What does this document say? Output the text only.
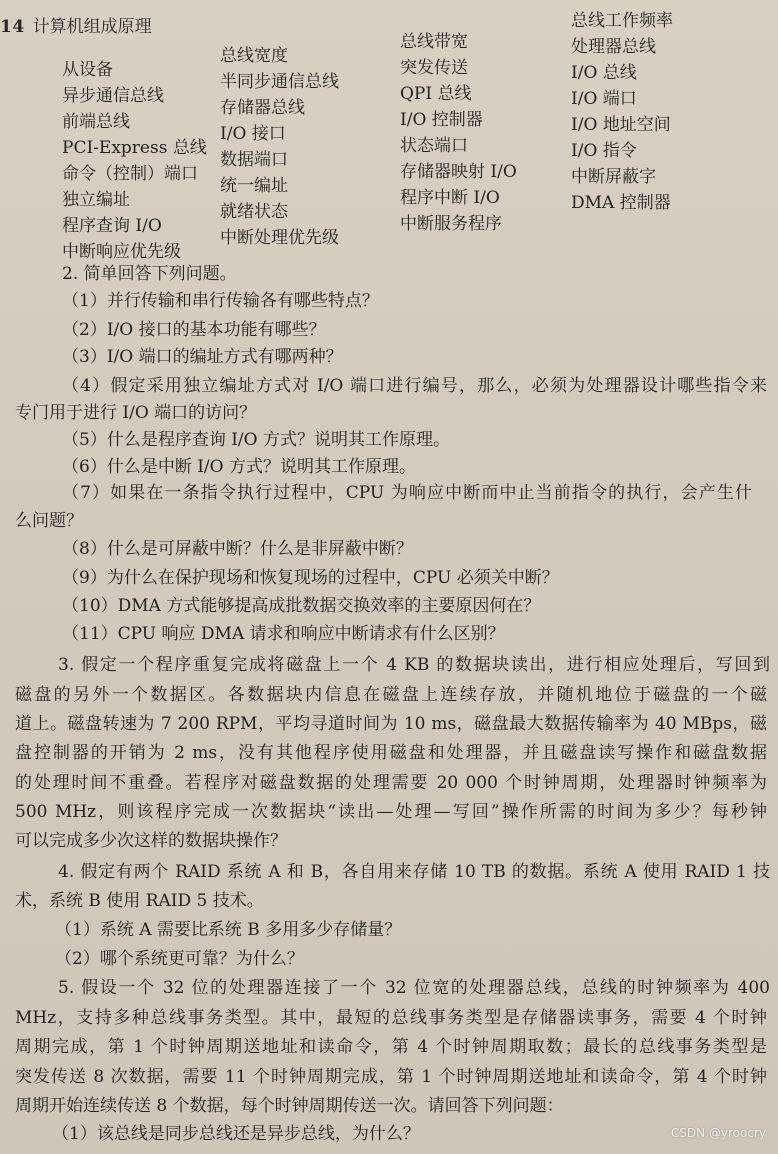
14 计算机组成原理
从设备
异步通信总线
前端总线
PCI-Express 总线
命令（控制）端口
独立编址
程序查询 I/O
中断响应优先级
总线宽度
半同步通信总线
存储器总线
I/O 接口
数据端口
统一编址
就绪状态
中断处理优先级
总线带宽
突发传送
QPI 总线
I/O 控制器
状态端口
存储器映射 I/O
程序中断 I/O
中断服务程序
总线工作频率
处理器总线
I/O 总线
I/O 端口
I/O 地址空间
I/O 指令
中断屏蔽字
DMA 控制器
2. 简单回答下列问题。
（1）并行传输和串行传输各有哪些特点？
（2）I/O 接口的基本功能有哪些？
（3）I/O 端口的编址方式有哪两种？
（4）假定采用独立编址方式对 I/O 端口进行编号，那么，必须为处理器设计哪些指令来
专门用于进行 I/O 端口的访问？
（5）什么是程序查询 I/O 方式？说明其工作原理。
（6）什么是中断 I/O 方式？说明其工作原理。
（7）如果在一条指令执行过程中，CPU 为响应中断而中止当前指令的执行，会产生什
么问题？
（8）什么是可屏蔽中断？什么是非屏蔽中断？
（9）为什么在保护现场和恢复现场的过程中，CPU 必须关中断？
（10）DMA 方式能够提高成批数据交换效率的主要原因何在？
（11）CPU 响应 DMA 请求和响应中断请求有什么区别？
3. 假定一个程序重复完成将磁盘上一个 4 KB 的数据块读出，进行相应处理后，写回到
磁盘的另外一个数据区。各数据块内信息在磁盘上连续存放，并随机地位于磁盘的一个磁
道上。磁盘转速为 7 200 RPM，平均寻道时间为 10 ms，磁盘最大数据传输率为 40 MBps，磁
盘控制器的开销为 2 ms，没有其他程序使用磁盘和处理器，并且磁盘读写操作和磁盘数据
的处理时间不重叠。若程序对磁盘数据的处理需要 20 000 个时钟周期，处理器时钟频率为
500 MHz，则该程序完成一次数据块“读出—处理—写回”操作所需的时间为多少？每秒钟
可以完成多少次这样的数据块操作？
4. 假定有两个 RAID 系统 A 和 B，各自用来存储 10 TB 的数据。系统 A 使用 RAID 1 技
术，系统 B 使用 RAID 5 技术。
（1）系统 A 需要比系统 B 多用多少存储量？
（2）哪个系统更可靠？为什么？
5. 假设一个 32 位的处理器连接了一个 32 位宽的处理器总线，总线的时钟频率为 400
MHz，支持多种总线事务类型。其中，最短的总线事务类型是存储器读事务，需要 4 个时钟
周期完成，第 1 个时钟周期送地址和读命令，第 4 个时钟周期取数；最长的总线事务类型是
突发传送 8 次数据，需要 11 个时钟周期完成，第 1 个时钟周期送地址和读命令，第 4 个时钟
周期开始连续传送 8 个数据，每个时钟周期传送一次。请回答下列问题：
（1）该总线是同步总线还是异步总线，为什么？	CSDN @yroocry
